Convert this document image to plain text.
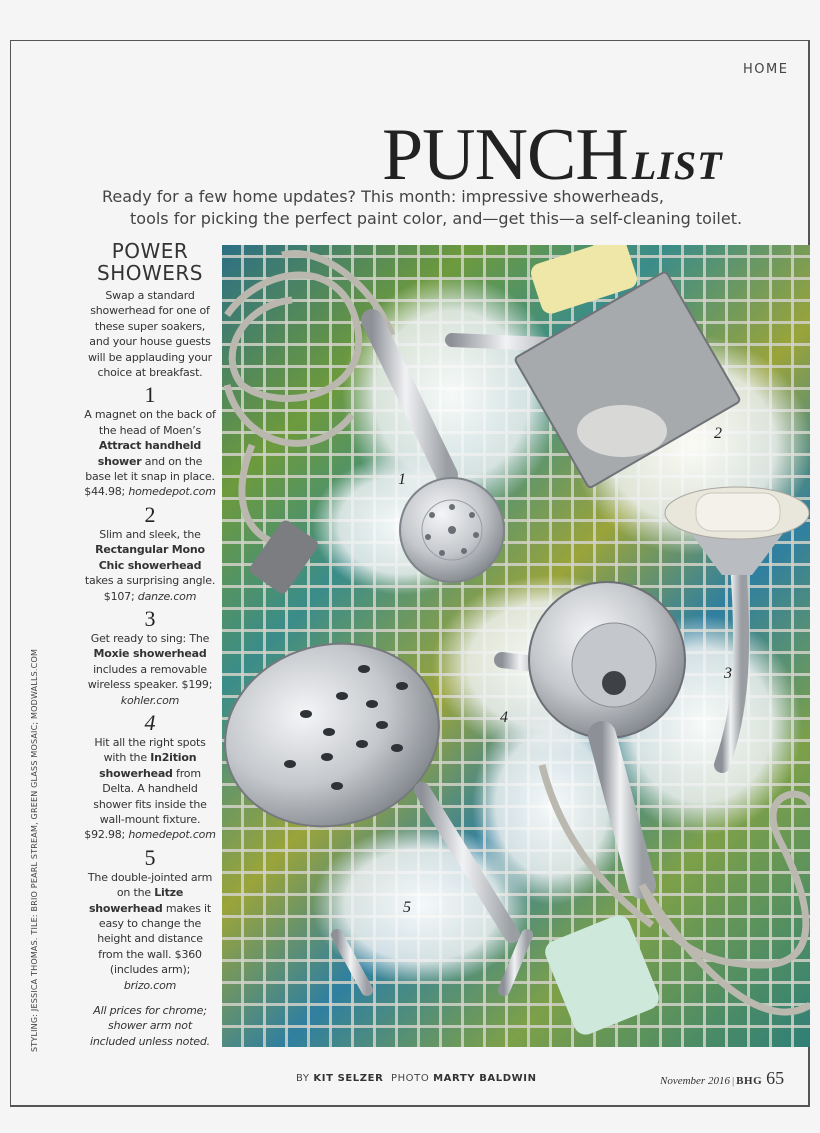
HOME
PUNCH LIST
Ready for a few home updates? This month: impressive showerheads,
tools for picking the perfect paint color, and—get this—a self-cleaning toilet.
POWER
SHOWERS

Swap a standard showerhead for one of these super soakers, and your house guests will be applauding your choice at breakfast.

1

A magnet on the back of the head of Moen’s Attract handheld shower and on the base let it snap in place. $44.98; homedepot.com

2

Slim and sleek, the Rectangular Mono Chic showerhead takes a surprising angle. $107; danze.com

3

Get ready to sing: The Moxie showerhead includes a removable wireless speaker. $199; kohler.com

4

Hit all the right spots with the In2ition showerhead from Delta. A handheld shower fits inside the wall-mount fixture. $92.98; homedepot.com

5

The double-jointed arm on the Litze showerhead makes it easy to change the height and distance from the wall. $360 (includes arm); brizo.com

All prices for chrome; shower arm not included unless noted.

STYLING: JESSICA THOMAS. TILE: BRIO PEARL STREAM, GREEN GLASS MOSAIC; MODWALLS.COM
1
2
3
4
5
BY KIT SELZER PHOTO MARTY BALDWIN	November 2016 | BHG 65
